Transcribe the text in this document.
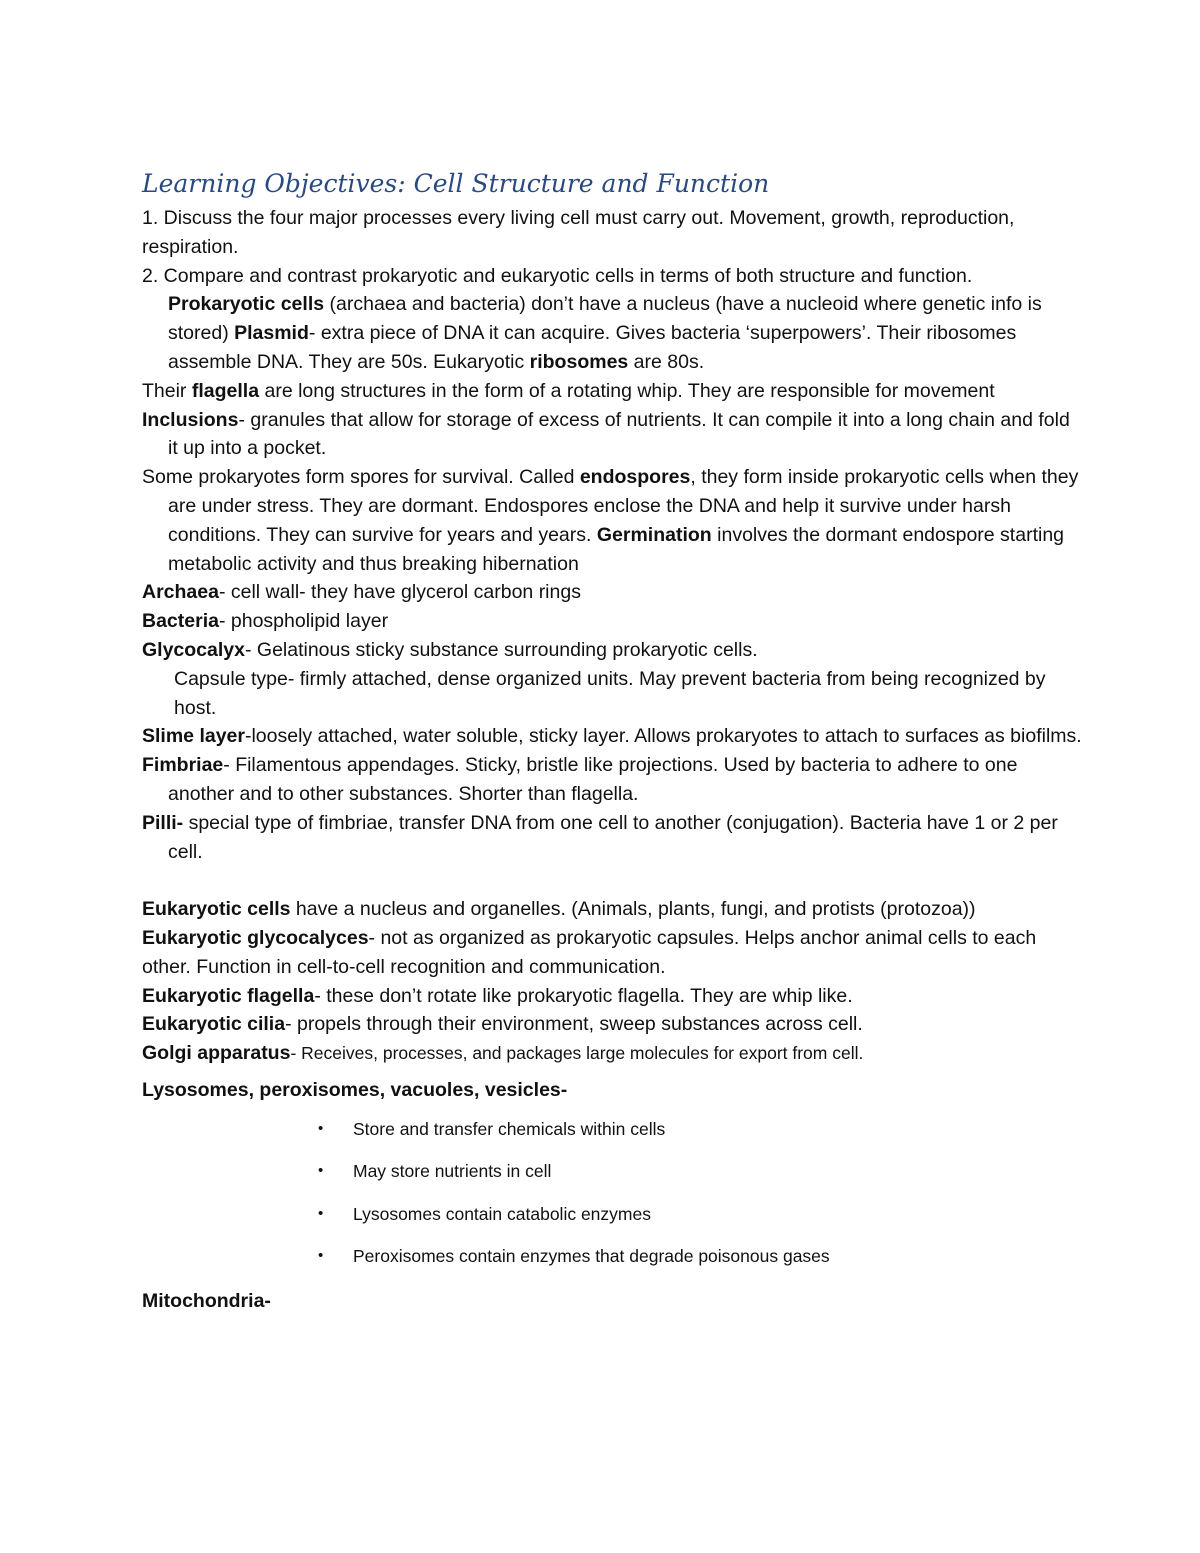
Learning Objectives: Cell Structure and Function

1. Discuss the four major processes every living cell must carry out. Movement, growth, reproduction, respiration.

2. Compare and contrast prokaryotic and eukaryotic cells in terms of both structure and function. Prokaryotic cells (archaea and bacteria) don’t have a nucleus (have a nucleoid where genetic info is stored) Plasmid- extra piece of DNA it can acquire. Gives bacteria ‘superpowers’. Their ribosomes assemble DNA. They are 50s. Eukaryotic ribosomes are 80s.

Their flagella are long structures in the form of a rotating whip. They are responsible for movement

Inclusions- granules that allow for storage of excess of nutrients. It can compile it into a long chain and fold it up into a pocket.

Some prokaryotes form spores for survival. Called endospores, they form inside prokaryotic cells when they are under stress. They are dormant. Endospores enclose the DNA and help it survive under harsh conditions. They can survive for years and years. Germination involves the dormant endospore starting metabolic activity and thus breaking hibernation

Archaea- cell wall- they have glycerol carbon rings

Bacteria- phospholipid layer

Glycocalyx- Gelatinous sticky substance surrounding prokaryotic cells.

Capsule type- firmly attached, dense organized units. May prevent bacteria from being recognized by host.

Slime layer-loosely attached, water soluble, sticky layer. Allows prokaryotes to attach to surfaces as biofilms.

Fimbriae- Filamentous appendages. Sticky, bristle like projections. Used by bacteria to adhere to one another and to other substances. Shorter than flagella.

Pilli- special type of fimbriae, transfer DNA from one cell to another (conjugation). Bacteria have 1 or 2 per cell.

Eukaryotic cells have a nucleus and organelles. (Animals, plants, fungi, and protists (protozoa))

Eukaryotic glycocalyces- not as organized as prokaryotic capsules. Helps anchor animal cells to each other. Function in cell-to-cell recognition and communication.

Eukaryotic flagella- these don’t rotate like prokaryotic flagella. They are whip like.

Eukaryotic cilia- propels through their environment, sweep substances across cell.

Golgi apparatus- Receives, processes, and packages large molecules for export from cell.

Lysosomes, peroxisomes, vacuoles, vesicles-

• Store and transfer chemicals within cells
• May store nutrients in cell
• Lysosomes contain catabolic enzymes
• Peroxisomes contain enzymes that degrade poisonous gases

Mitochondria-
